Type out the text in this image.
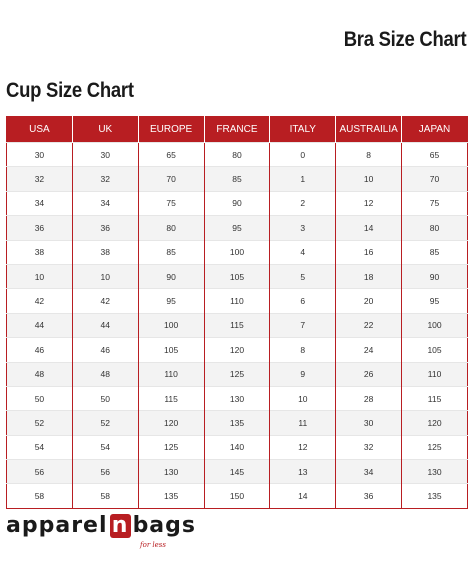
Bra Size Chart
Cup Size Chart
USA	UK	EUROPE	FRANCE	ITALY	AUSTRAILIA	JAPAN
30	30	65	80	0	8	65
32	32	70	85	1	10	70
34	34	75	90	2	12	75
36	36	80	95	3	14	80
38	38	85	100	4	16	85
10	10	90	105	5	18	90
42	42	95	110	6	20	95
44	44	100	115	7	22	100
46	46	105	120	8	24	105
48	48	110	125	9	26	110
50	50	115	130	10	28	115
52	52	120	135	11	30	120
54	54	125	140	12	32	125
56	56	130	145	13	34	130
58	58	135	150	14	36	135
apparel n bags
for less
